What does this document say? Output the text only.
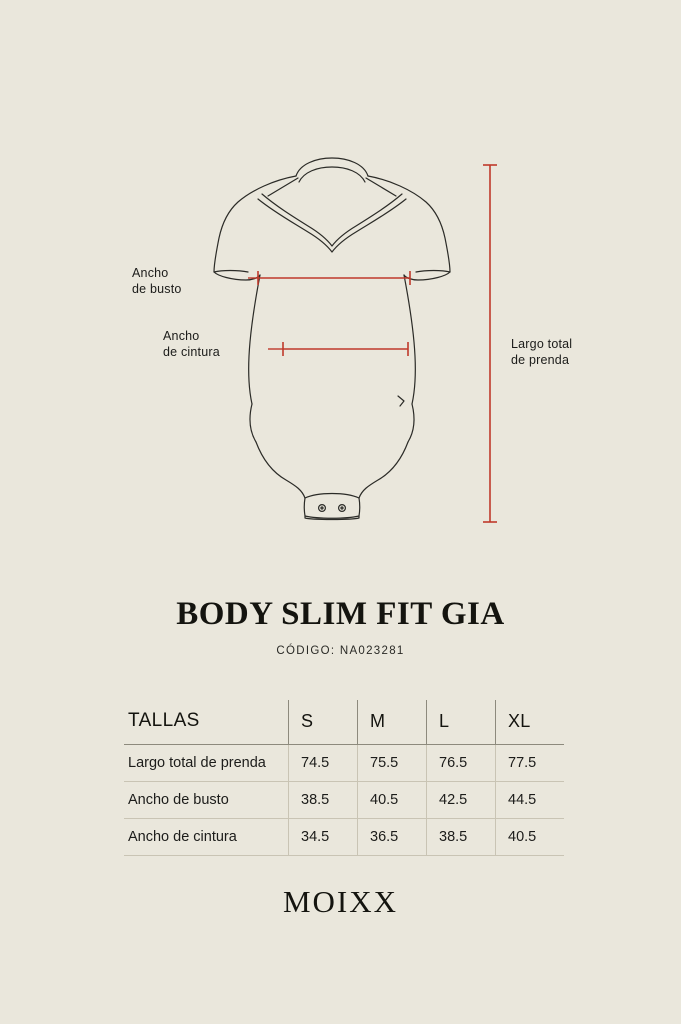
Ancho
de busto
Ancho
de cintura
Largo total
de prenda
BODY SLIM FIT GIA
CÓDIGO: NA023281
TALLAS	S	M	L	XL
Largo total de prenda	74.5	75.5	76.5	77.5
Ancho de busto	38.5	40.5	42.5	44.5
Ancho de cintura	34.5	36.5	38.5	40.5
MOIXX
